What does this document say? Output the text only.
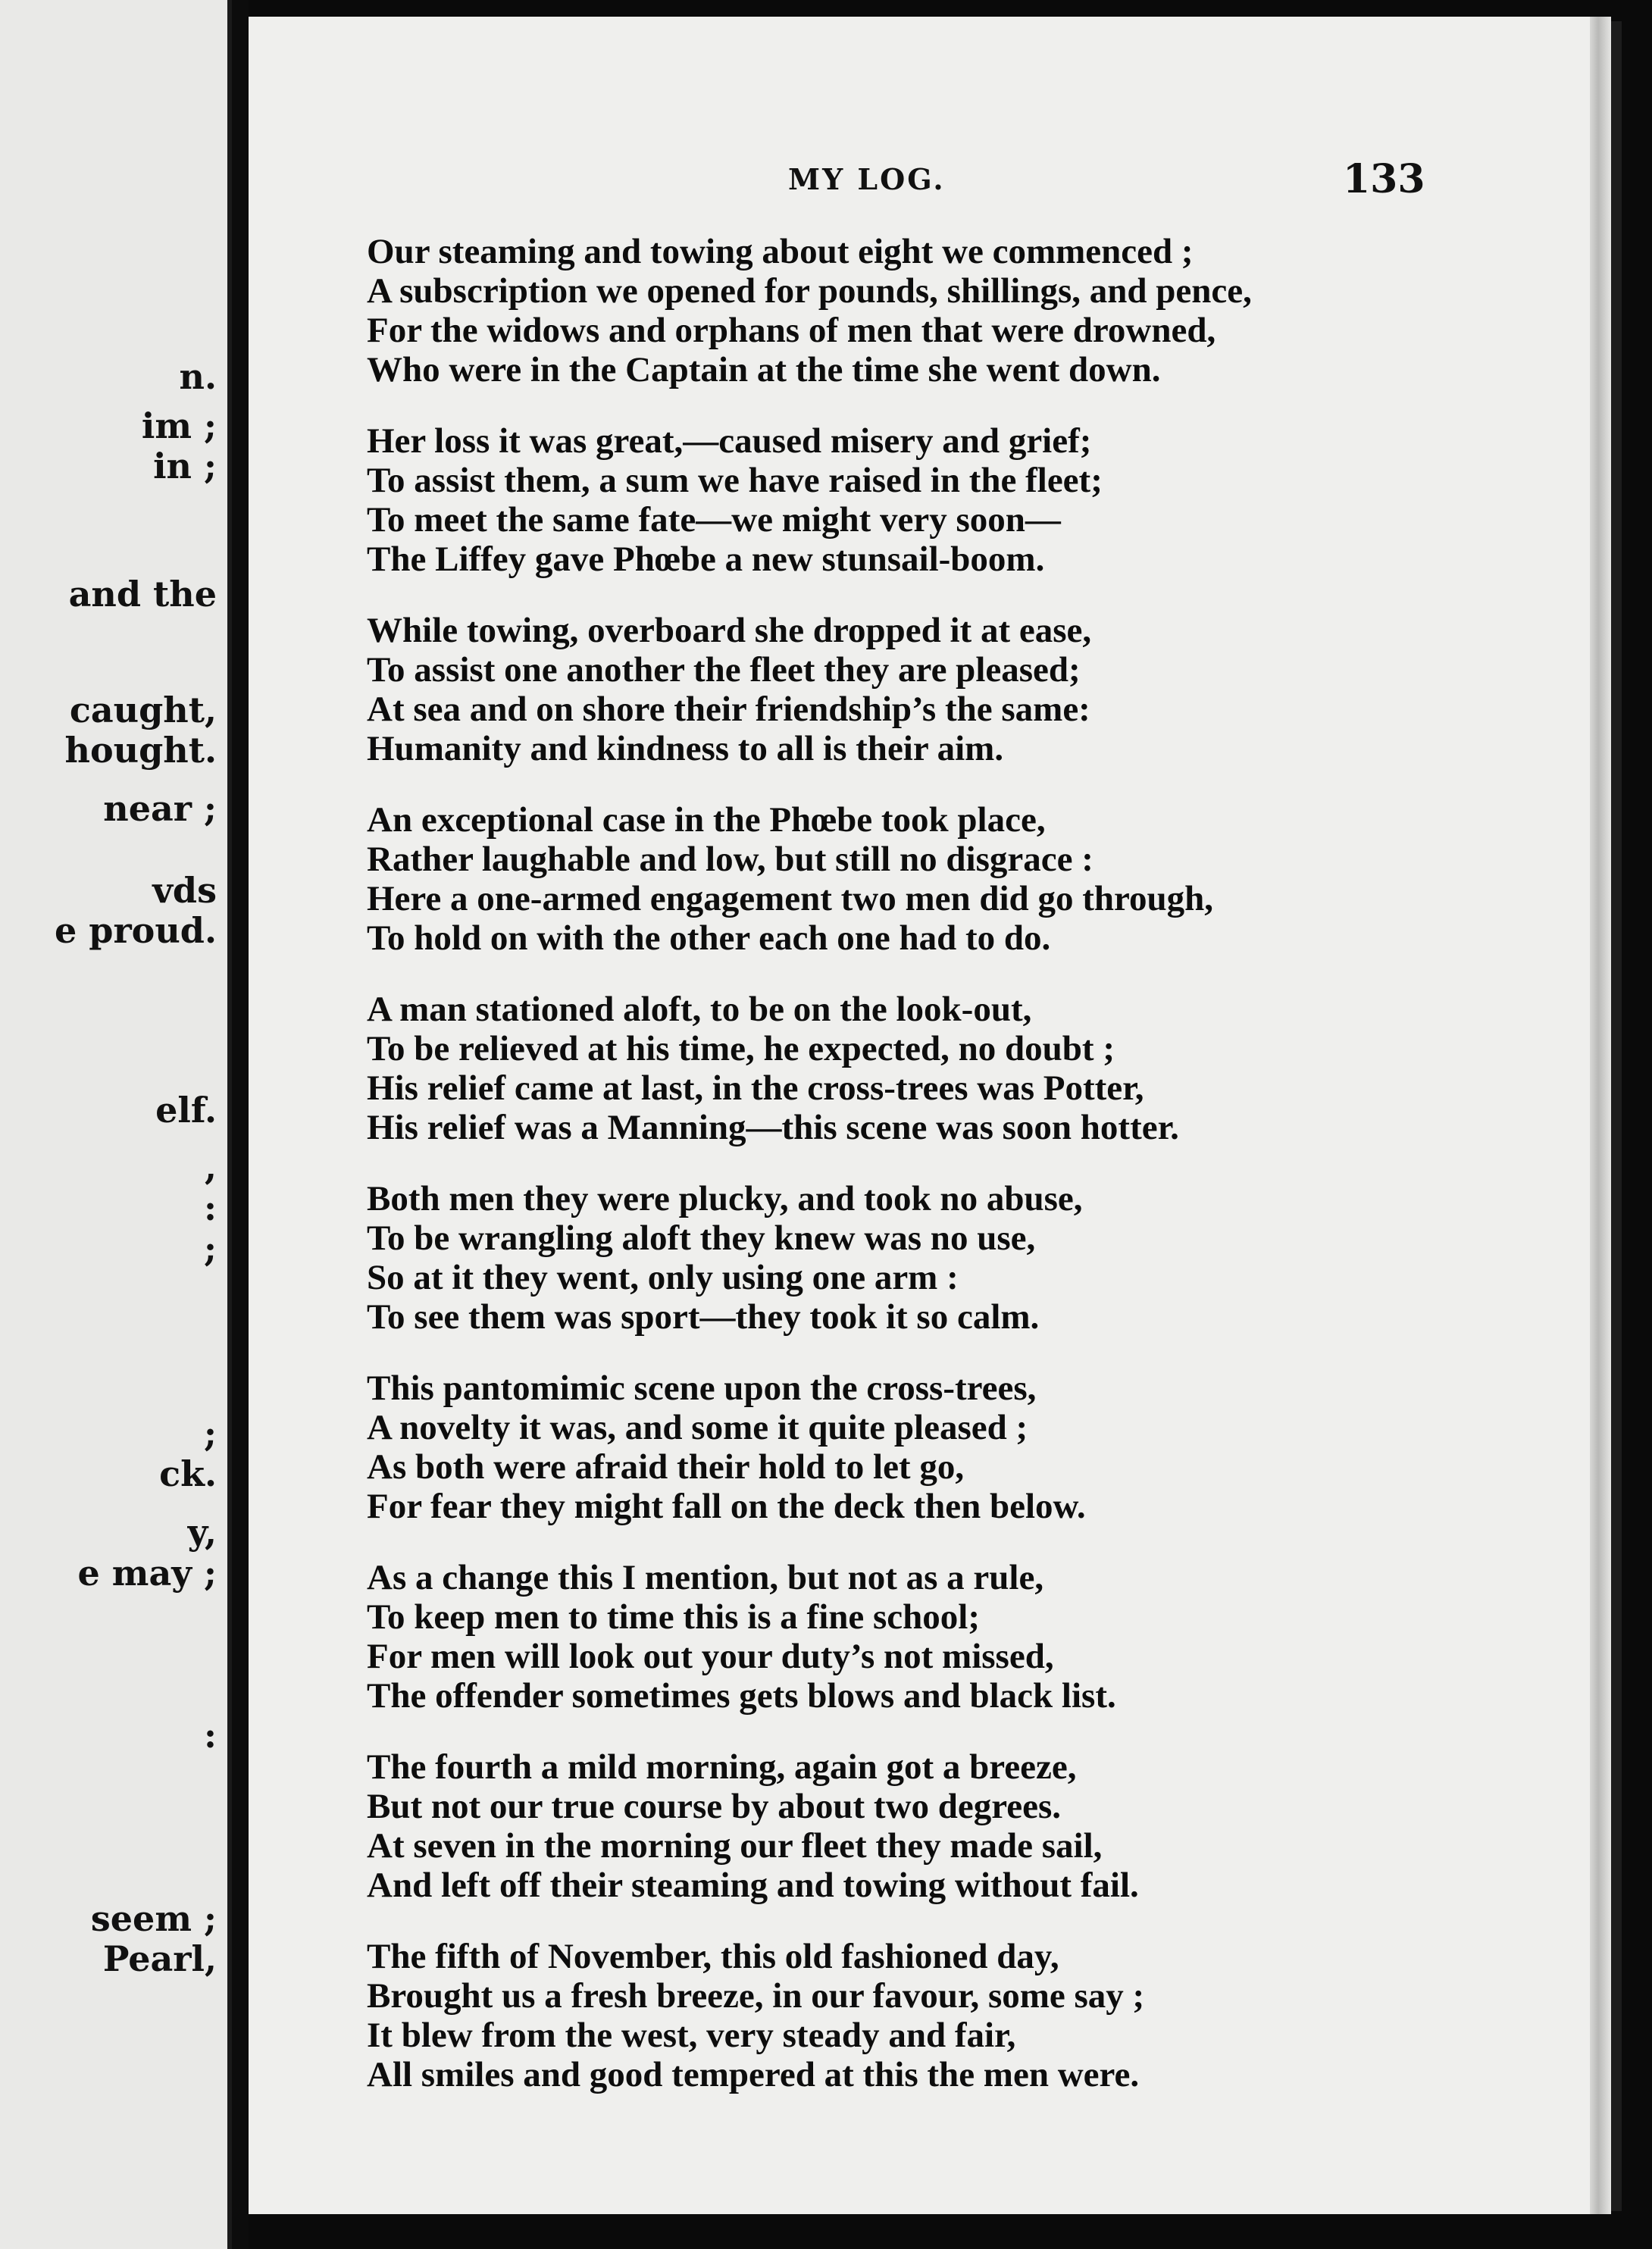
n.
im ;
in ;
and the
caught,
hought.
near ;
vds
e proud.
elf.
,
:
;
;
ck.
y,
e may ;
:
seem ;
Pearl,
MY LOG.	133
Our steaming and towing about eight we commenced ;
A subscription we opened for pounds, shillings, and pence,
For the widows and orphans of men that were drowned,
Who were in the Captain at the time she went down.
Her loss it was great,—caused misery and grief;
To assist them, a sum we have raised in the fleet;
To meet the same fate—we might very soon—
The Liffey gave Phœbe a new stunsail-boom.
While towing, overboard she dropped it at ease,
To assist one another the fleet they are pleased;
At sea and on shore their friendship’s the same:
Humanity and kindness to all is their aim.
An exceptional case in the Phœbe took place,
Rather laughable and low, but still no disgrace :
Here a one-armed engagement two men did go through,
To hold on with the other each one had to do.
A man stationed aloft, to be on the look-out,
To be relieved at his time, he expected, no doubt ;
His relief came at last, in the cross-trees was Potter,
His relief was a Manning—this scene was soon hotter.
Both men they were plucky, and took no abuse,
To be wrangling aloft they knew was no use,
So at it they went, only using one arm :
To see them was sport—they took it so calm.
This pantomimic scene upon the cross-trees,
A novelty it was, and some it quite pleased ;
As both were afraid their hold to let go,
For fear they might fall on the deck then below.
As a change this I mention, but not as a rule,
To keep men to time this is a fine school;
For men will look out your duty’s not missed,
The offender sometimes gets blows and black list.
The fourth a mild morning, again got a breeze,
But not our true course by about two degrees.
At seven in the morning our fleet they made sail,
And left off their steaming and towing without fail.
The fifth of November, this old fashioned day,
Brought us a fresh breeze, in our favour, some say ;
It blew from the west, very steady and fair,
All smiles and good tempered at this the men were.
